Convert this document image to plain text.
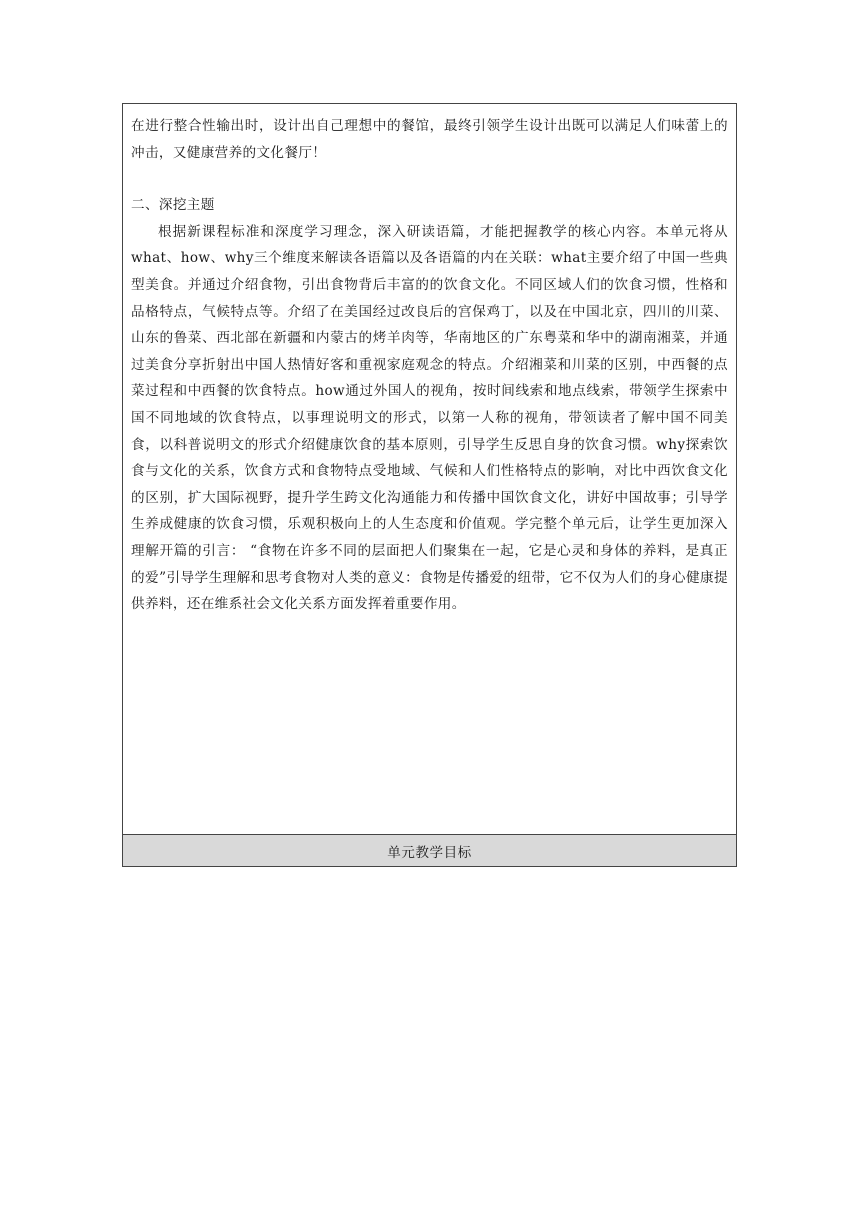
在进行整合性输出时，设计出自己理想中的餐馆，最终引领学生设计出既可以满足人们味蕾上的冲击，又健康营养的文化餐厅！

二、深挖主题

根据新课程标准和深度学习理念，深入研读语篇，才能把握教学的核心内容。本单元将从what、how、why三个维度来解读各语篇以及各语篇的内在关联：what主要介绍了中国一些典型美食。并通过介绍食物，引出食物背后丰富的的饮食文化。不同区域人们的饮食习惯，性格和品格特点，气候特点等。介绍了在美国经过改良后的宫保鸡丁，以及在中国北京，四川的川菜、山东的鲁菜、西北部在新疆和内蒙古的烤羊肉等，华南地区的广东粤菜和华中的湖南湘菜，并通过美食分享折射出中国人热情好客和重视家庭观念的特点。介绍湘菜和川菜的区别，中西餐的点菜过程和中西餐的饮食特点。how通过外国人的视角，按时间线索和地点线索，带领学生探索中国不同地域的饮食特点，以事理说明文的形式，以第一人称的视角，带领读者了解中国不同美食，以科普说明文的形式介绍健康饮食的基本原则，引导学生反思自身的饮食习惯。why探索饮食与文化的关系，饮食方式和食物特点受地域、气候和人们性格特点的影响，对比中西饮食文化的区别，扩大国际视野，提升学生跨文化沟通能力和传播中国饮食文化，讲好中国故事；引导学生养成健康的饮食习惯，乐观积极向上的人生态度和价值观。学完整个单元后，让学生更加深入理解开篇的引言： “食物在许多不同的层面把人们聚集在一起，它是心灵和身体的养料，是真正的爱”引导学生理解和思考食物对人类的意义：食物是传播爱的纽带，它不仅为人们的身心健康提供养料，还在维系社会文化关系方面发挥着重要作用。

单元教学目标
